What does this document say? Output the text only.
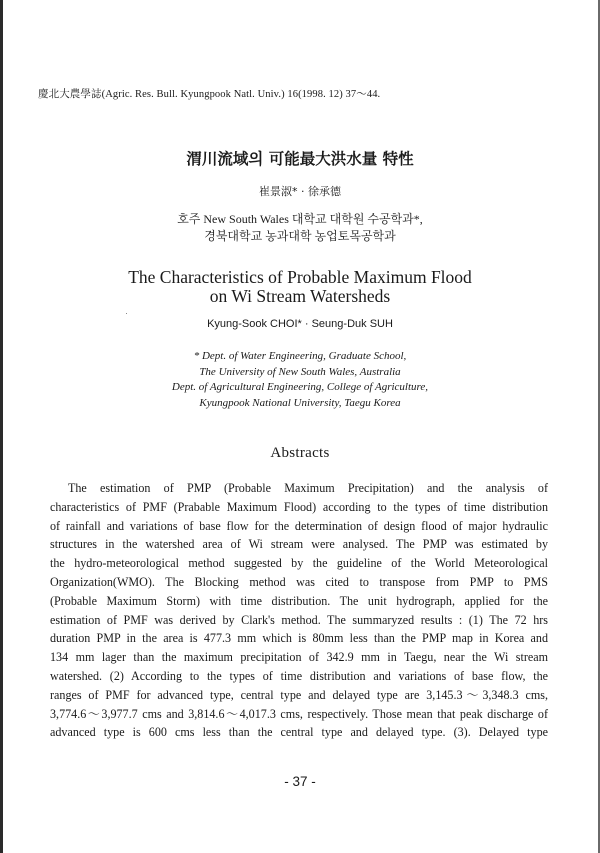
慶北大農學誌(Agric. Res. Bull. Kyungpook Natl. Univ.) 16(1998. 12) 37～44.
渭川流域의 可能最大洪水量 特性
崔景淑* · 徐承德
호주 New South Wales 대학교 대학원 수공학과*,
경북대학교 농과대학 농업토목공학과
The Characteristics of Probable Maximum Flood
on Wi Stream Watersheds
Kyung-Sook CHOI* · Seung-Duk SUH
* Dept. of Water Engineering, Graduate School,
The University of New South Wales, Australia
Dept. of Agricultural Engineering, College of Agriculture,
Kyungpook National University, Taegu Korea
Abstracts
The estimation of PMP (Probable Maximum Precipitation) and the analysis of
characteristics of PMF (Prabable Maximum Flood) according to the types of time distribution
of rainfall and variations of base flow for the determination of design flood of major hydraulic
structures in the watershed area of Wi stream were analysed. The PMP was estimated by
the hydro-meteorological method suggested by the guideline of the World Meteorological
Organization(WMO). The Blocking method was cited to transpose from PMP to PMS
(Probable Maximum Storm) with time distribution. The unit hydrograph, applied for the
estimation of PMF was derived by Clark's method. The summaryzed results : (1) The 72 hrs
duration PMP in the area is 477.3 mm which is 80mm less than the PMP map in Korea and
134 mm lager than the maximum precipitation of 342.9 mm in Taegu, near the Wi stream
watershed. (2) According to the types of time distribution and variations of base flow, the
ranges of PMF for advanced type, central type and delayed type are 3,145.3～3,348.3 cms,
3,774.6～3,977.7 cms and 3,814.6～4,017.3 cms, respectively. Those mean that peak discharge of
advanced type is 600 cms less than the central type and delayed type. (3). Delayed type
- 37 -
